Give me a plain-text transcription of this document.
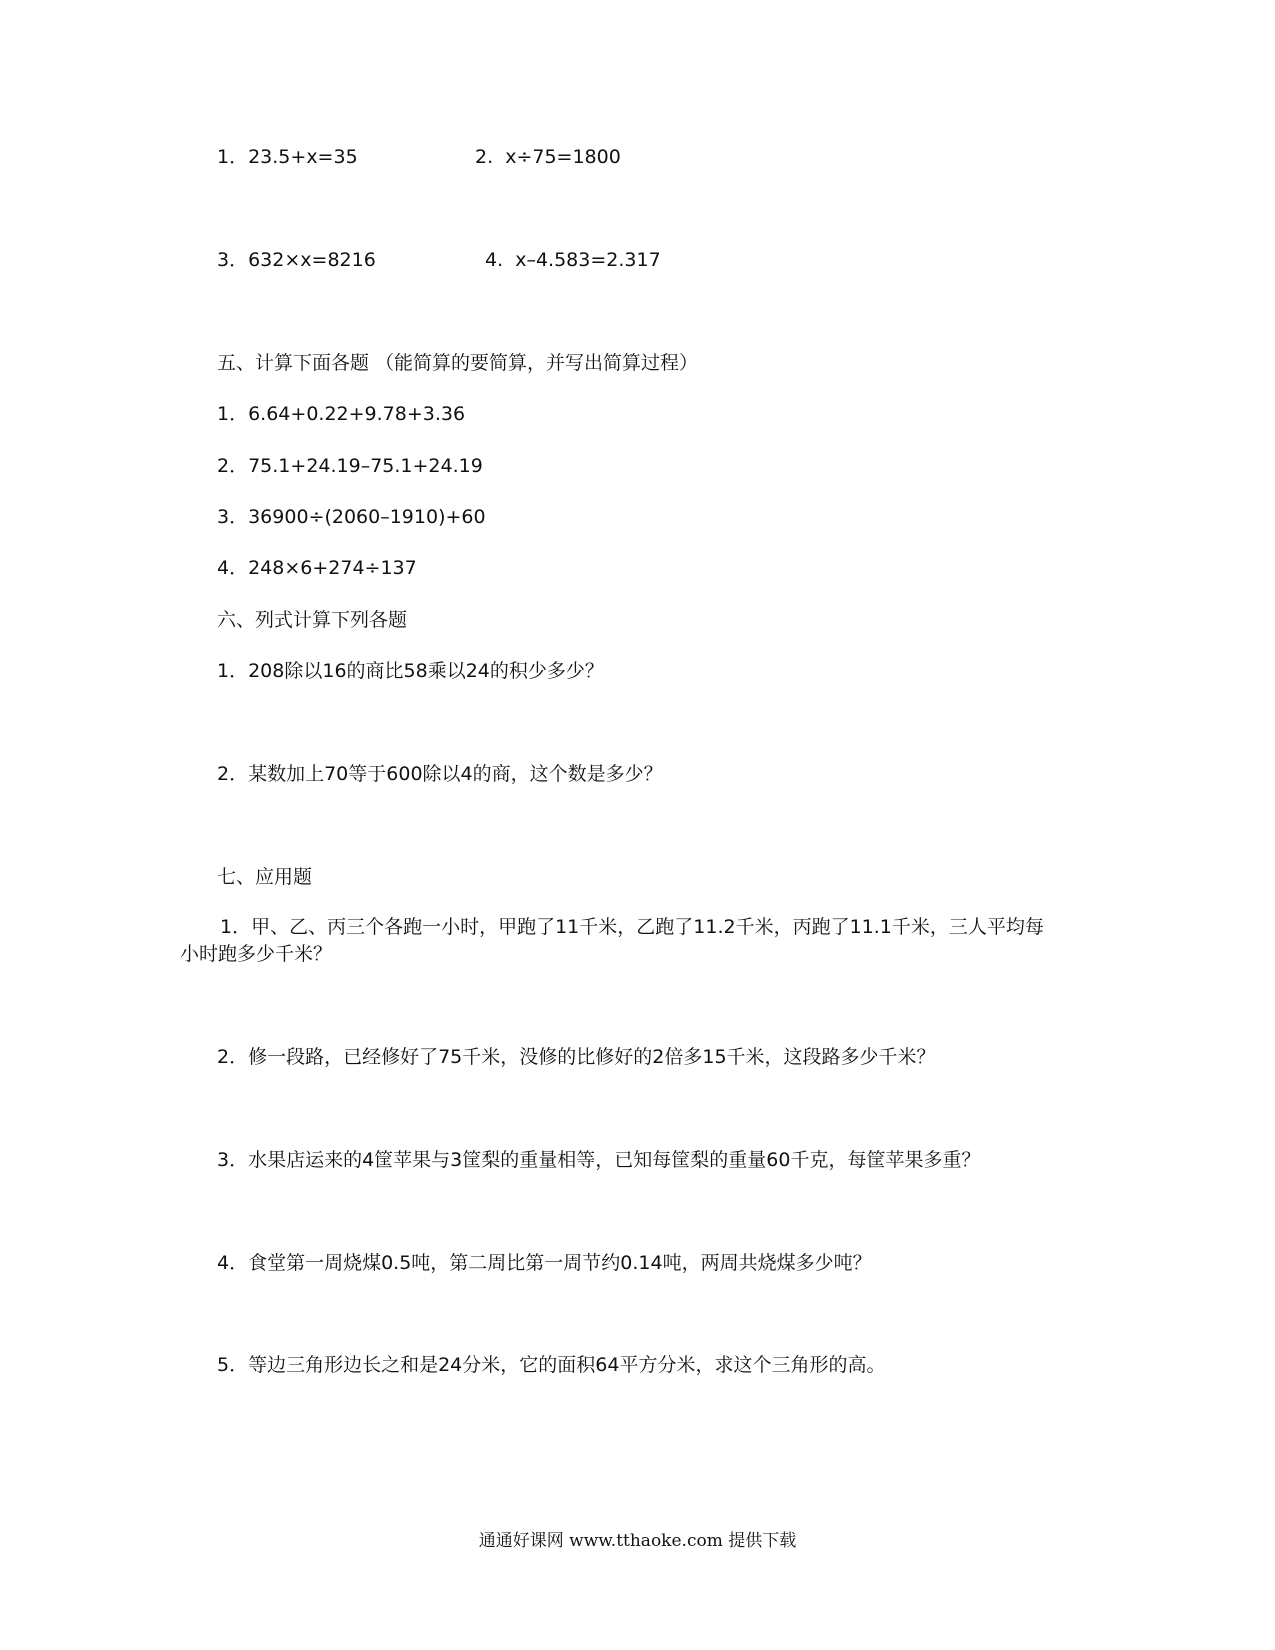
1．23.5+x=35	2.  x÷75=1800
3．632×x=8216	4.  x–4.583=2.317
五、计算下面各题 （能简算的要简算，并写出简算过程）
1．6.64+0.22+9.78+3.36
2．75.1+24.19–75.1+24.19
3．36900÷(2060–1910)+60
4．248×6+274÷137
六、列式计算下列各题
1．208除以16的商比58乘以24的积少多少？
2．某数加上70等于600除以4的商，这个数是多少？
七、应用题
1．甲、乙、丙三个各跑一小时，甲跑了11千米，乙跑了11.2千米，丙跑了11.1千米，三人平均每小时跑多少千米？
2．修一段路，已经修好了75千米，没修的比修好的2倍多15千米，这段路多少千米？
3．水果店运来的4筐苹果与3筐梨的重量相等，已知每筐梨的重量60千克，每筐苹果多重？
4．食堂第一周烧煤0.5吨，第二周比第一周节约0.14吨，两周共烧煤多少吨？
5．等边三角形边长之和是24分米，它的面积64平方分米，求这个三角形的高。
通通好课网 www.tthaoke.com 提供下载
